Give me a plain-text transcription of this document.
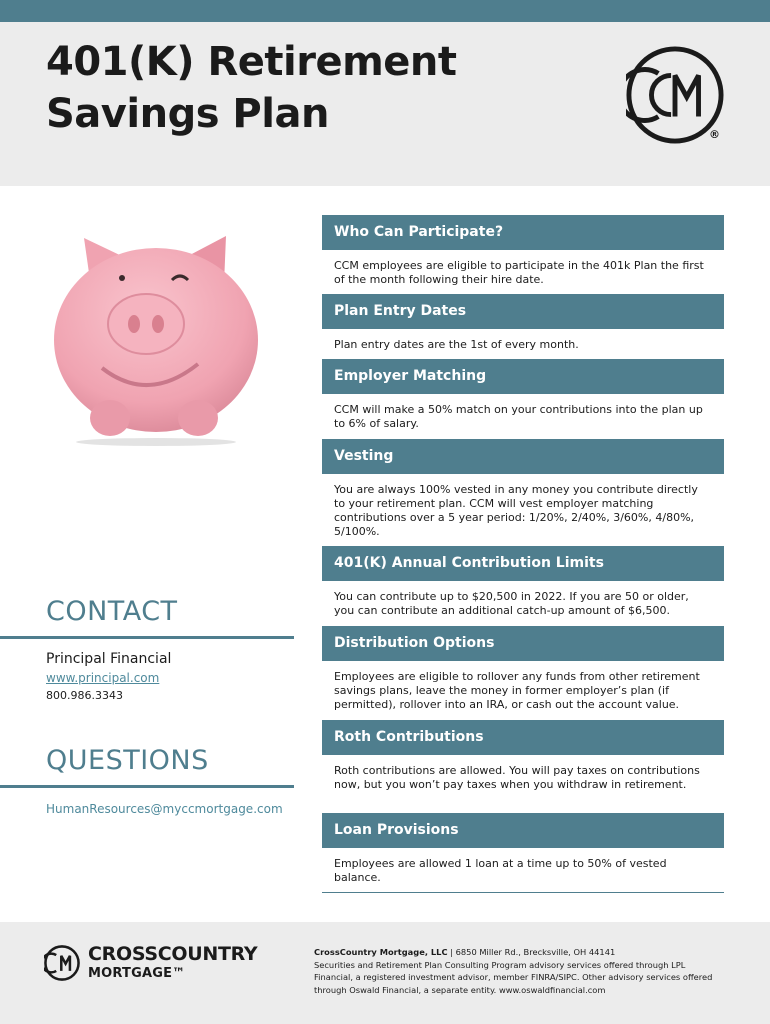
401(K) Retirement
Savings Plan	®
Who Can Participate?
CCM employees are eligible to participate in the 401k Plan the first of the month following their hire date.
Plan Entry Dates
Plan entry dates are the 1st of every month.
Employer Matching
CCM will make a 50% match on your contributions into the plan up to 6% of salary.
Vesting
You are always 100% vested in any money you contribute directly to your retirement plan. CCM will vest employer matching contributions over a 5 year period: 1/20%, 2/40%, 3/60%, 4/80%, 5/100%.
401(K) Annual Contribution Limits
You can contribute up to $20,500 in 2022. If you are 50 or older, you can contribute an additional catch-up amount of $6,500.
Distribution Options
Employees are eligible to rollover any funds from other retirement savings plans, leave the money in former employer’s plan (if permitted), rollover into an IRA, or cash out the account value.
Roth Contributions
Roth contributions are allowed. You will pay taxes on contributions now, but you won’t pay taxes when you withdraw in retirement.
Loan Provisions
Employees are allowed 1 loan at a time up to 50% of vested balance.
CONTACT
Principal Financial
www.principal.com
800.986.3343
QUESTIONS
HumanResources@myccmortgage.com
CROSSCOUNTRY
MORTGAGE™
CrossCountry Mortgage, LLC | 6850 Miller Rd., Brecksville, OH 44141
Securities and Retirement Plan Consulting Program advisory services offered through LPL Financial, a registered investment advisor, member FINRA/SIPC. Other advisory services offered through Oswald Financial, a separate entity. www.oswaldfinancial.com
